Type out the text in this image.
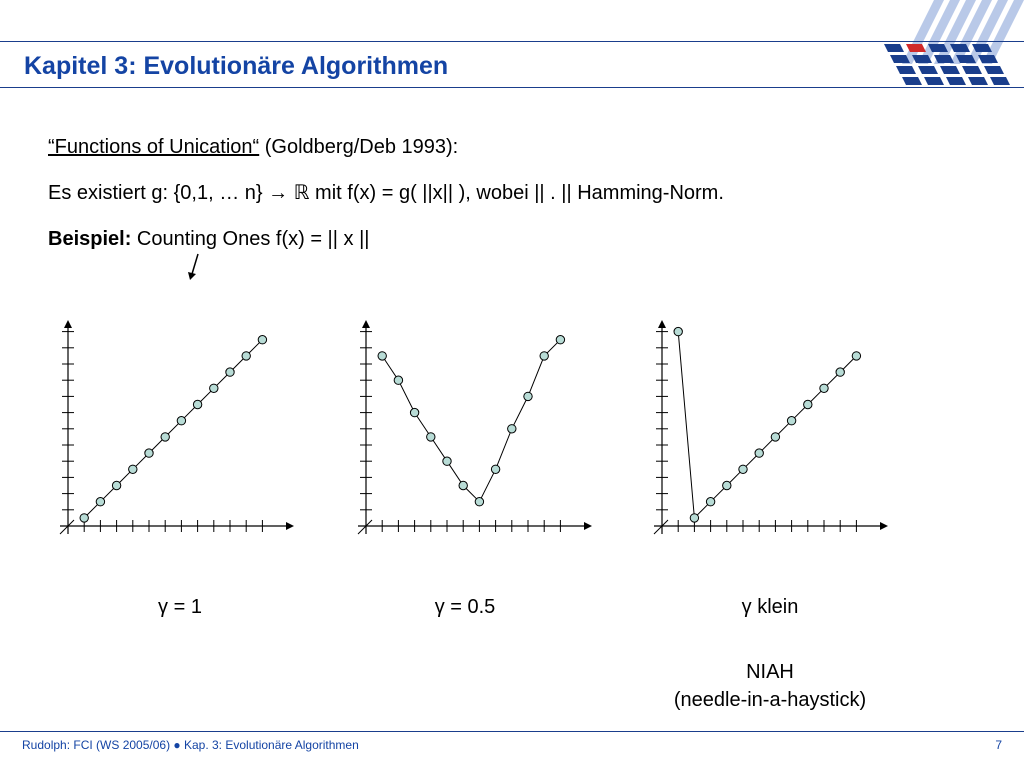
Kapitel 3: Evolutionäre Algorithmen
“Functions of Unication“ (Goldberg/Deb 1993):
Es existiert g: {0,1, … n} → ℝ mit f(x) = g( ||x|| ), wobei || . || Hamming-Norm.
Beispiel: Counting Ones f(x) = || x ||
γ = 1	γ = 0.5	γ klein
NIAH
(needle-in-a-haystick)
Rudolph: FCI (WS 2005/06) ● Kap. 3: Evolutionäre Algorithmen	7
